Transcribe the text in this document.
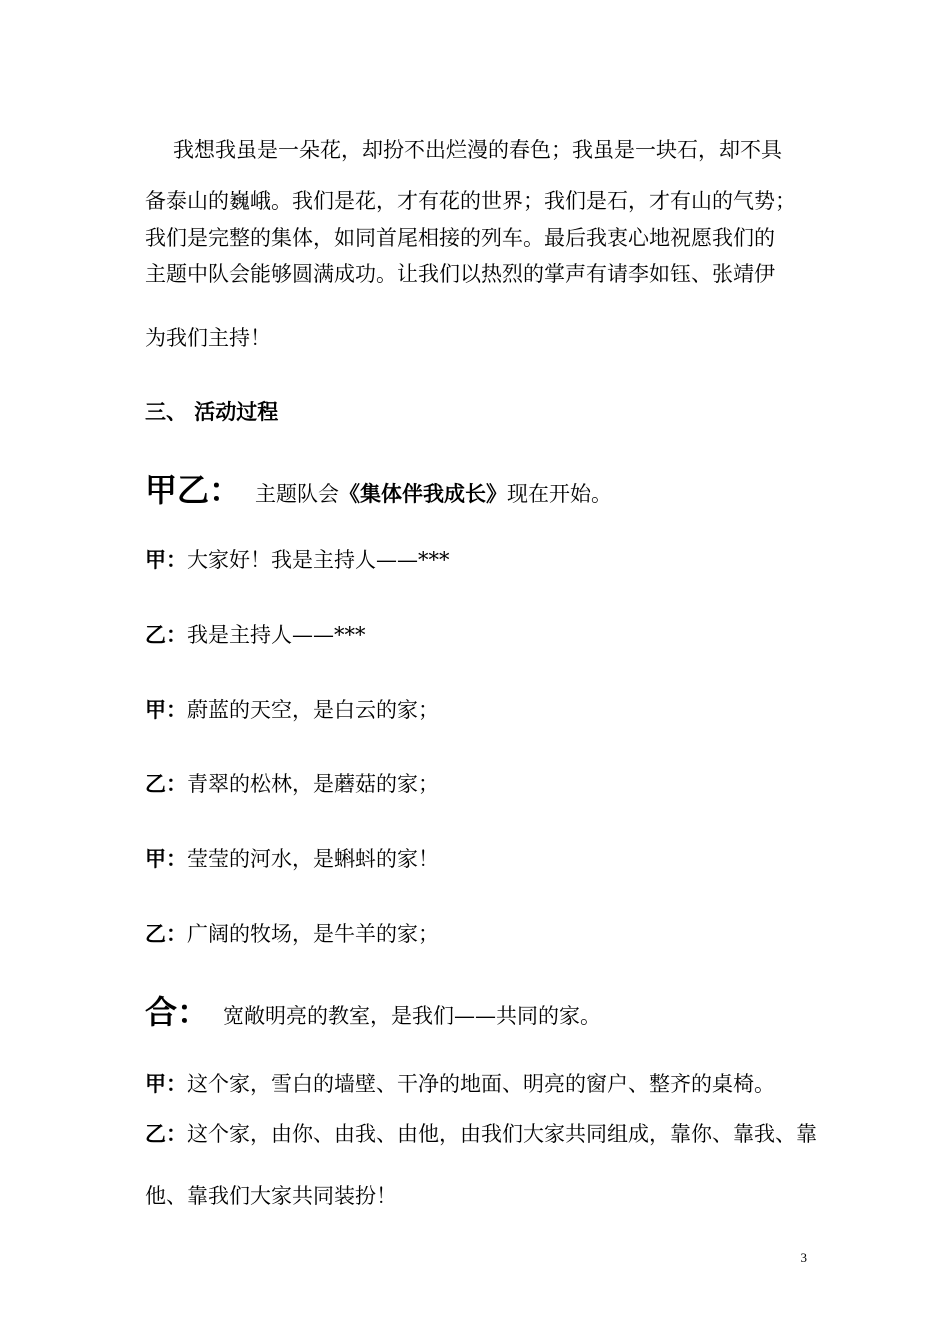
我想我虽是一朵花，却扮不出烂漫的春色；我虽是一块石，却不具
备泰山的巍峨。我们是花，才有花的世界；我们是石，才有山的气势；
我们是完整的集体，如同首尾相接的列车。最后我衷心地祝愿我们的
主题中队会能够圆满成功。让我们以热烈的掌声有请李如钰、张靖伊
为我们主持！
三、 活动过程
甲乙： 主题队会《集体伴我成长》现在开始。
甲：大家好！我是主持人——***
乙：我是主持人——***
甲：蔚蓝的天空，是白云的家；
乙：青翠的松林，是蘑菇的家；
甲：莹莹的河水，是蝌蚪的家！
乙：广阔的牧场，是牛羊的家；
合： 宽敞明亮的教室，是我们——共同的家。
甲：这个家，雪白的墙壁、干净的地面、明亮的窗户、整齐的桌椅。
乙：这个家，由你、由我、由他，由我们大家共同组成，靠你、靠我、靠
他、靠我们大家共同装扮！
3
